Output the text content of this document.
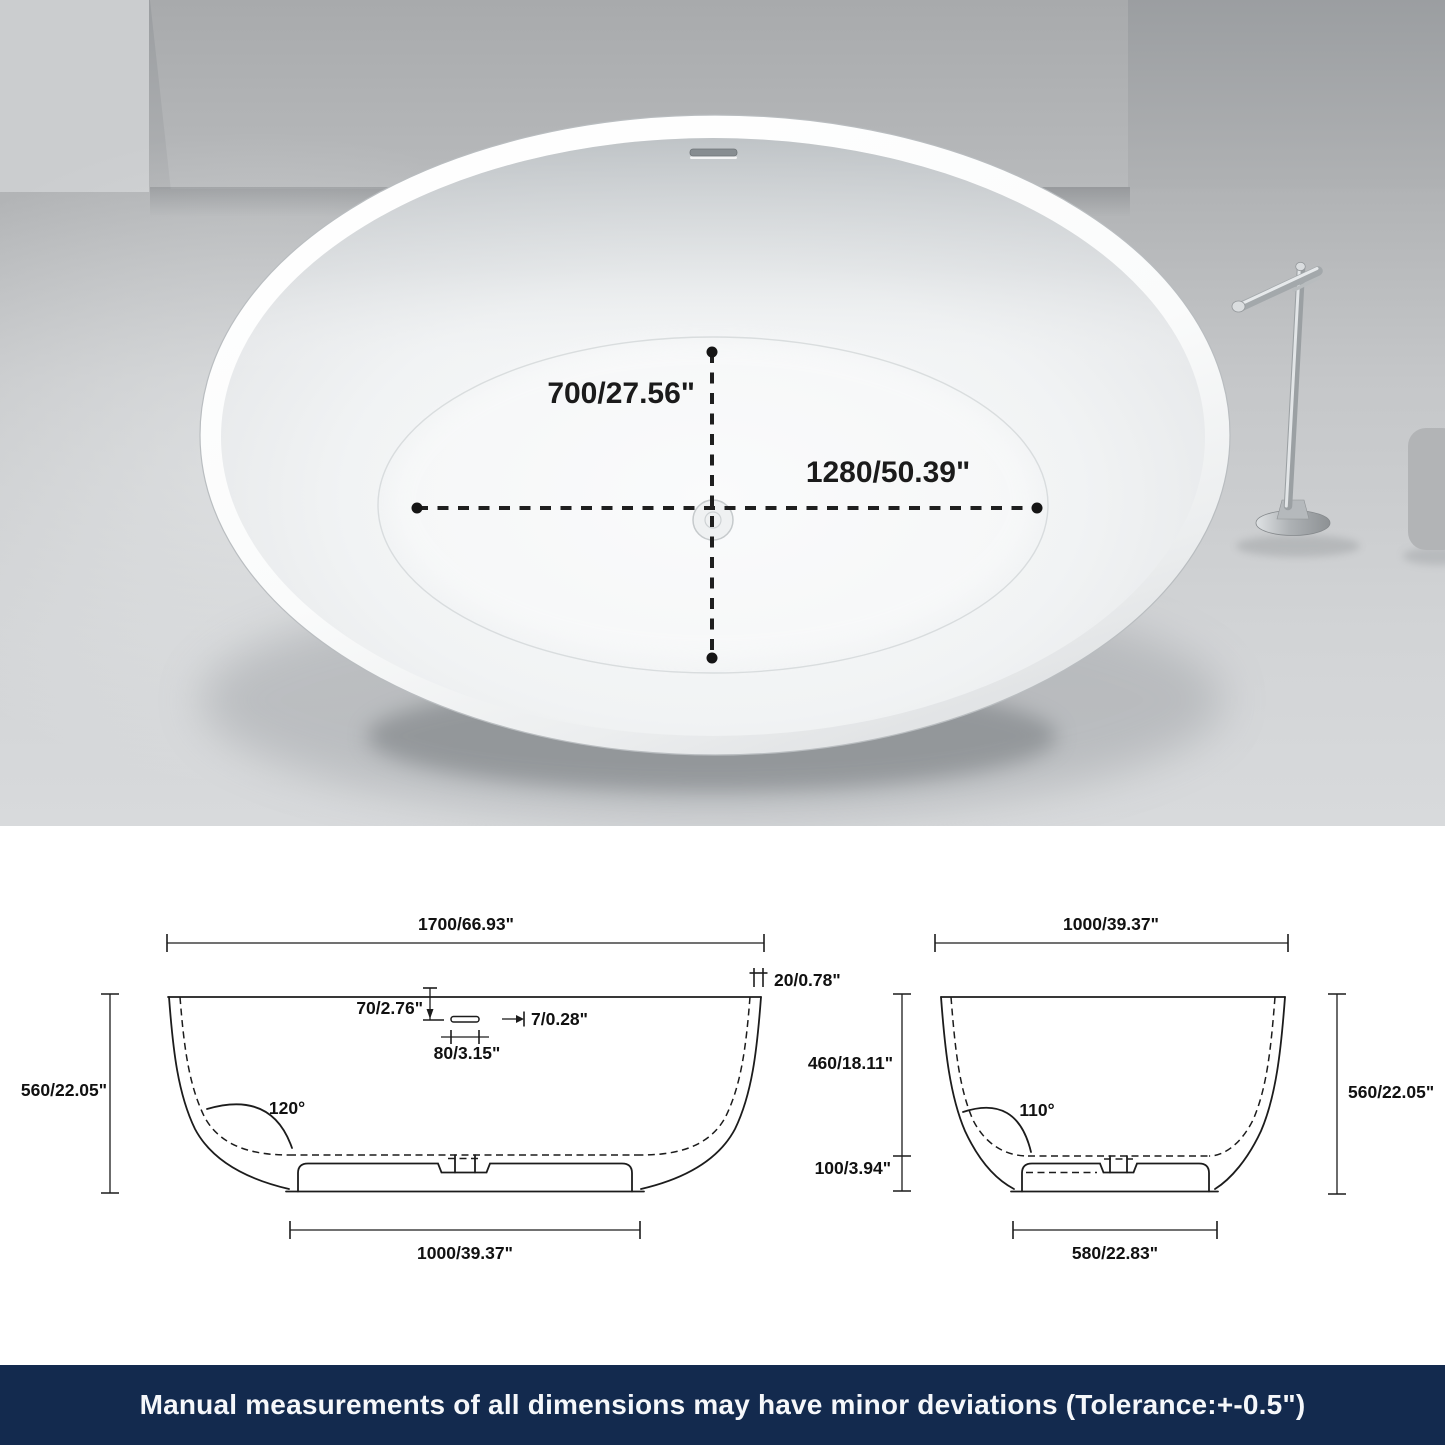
700/27.56"
1280/50.39"
1700/66.93"
20/0.78"
70/2.76"
7/0.28"
80/3.15"
120°
560/22.05"
1000/39.37"
1000/39.37"
110°
460/18.11"
100/3.94"
560/22.05"
580/22.83"
Manual measurements of all dimensions may have minor deviations (Tolerance:+-0.5")
